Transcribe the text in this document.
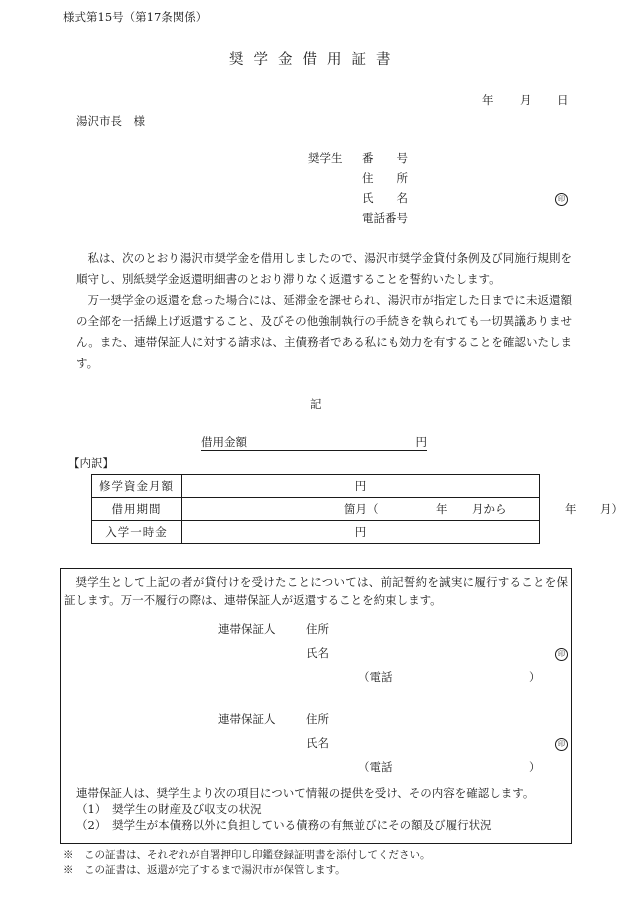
様式第15号（第17条関係）
奨学金借用証書
年 月 日
湯沢市長　様
奨学生 番　　号
住　　所
氏　　名	印
電話番号

私は、次のとおり湯沢市奨学金を借用しましたので、湯沢市奨学金貸付条例及び同施行規則を順守し、別紙奨学金返還明細書のとおり滞りなく返還することを誓約いたします。

万一奨学金の返還を怠った場合には、延滞金を課せられ、湯沢市が指定した日までに未返還額の全部を一括繰上げ返還すること、及びその他強制執行の手続きを執られても一切異議ありません。また、連帯保証人に対する請求は、主債務者である私にも効力を有することを確認いたします。

記
借用金額	円
【内訳】
修学資金月額	円
借用期間	箇月（ 年 月から 年 月）

入学一時金	円
奨学生として上記の者が貸付けを受けたことについては、前記誓約を誠実に履行することを保証します。万一不履行の際は、連帯保証人が返還することを約束します。
連帯保証人	住所
氏名	印
（電話	）
連帯保証人	住所
氏名	印
（電話	）
連帯保証人は、奨学生より次の項目について情報の提供を受け、その内容を確認します。
（1）　奨学生の財産及び収支の状況
（2）　奨学生が本債務以外に負担している債務の有無並びにその額及び履行状況
※　この証書は、それぞれが自署押印し印鑑登録証明書を添付してください。
※　この証書は、返還が完了するまで湯沢市が保管します。
